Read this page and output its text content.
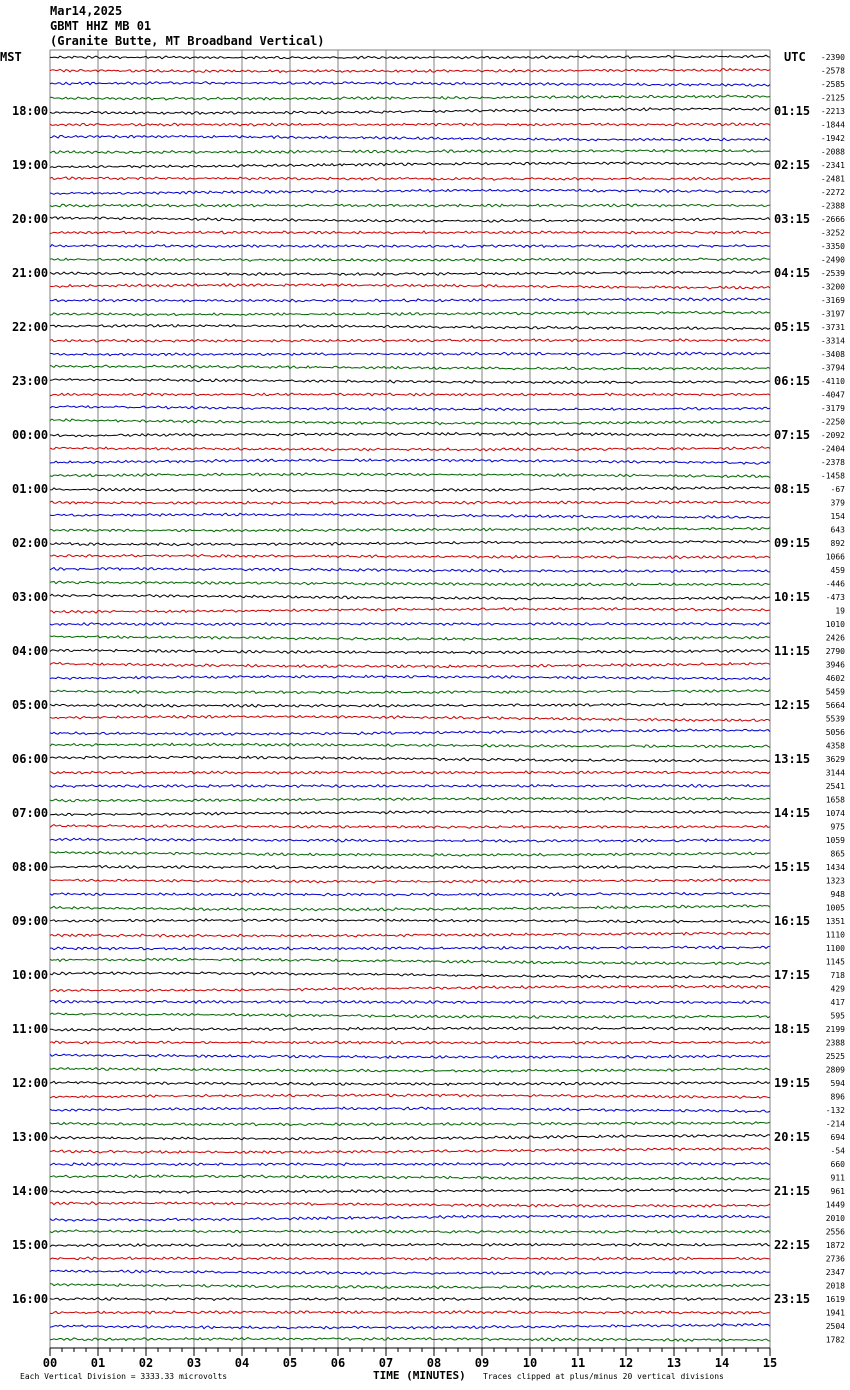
Mar14,2025
GBMT HHZ MB 01
(Granite Butte, MT Broadband Vertical)
MST	UTC
Each Vertical Division = 3333.33 microvolts	TIME (MINUTES) Traces clipped at plus/minus 20 vertical divisions
18:00
19:00
20:00
21:00
22:00
23:00
00:00
01:00
02:00
03:00
04:00
05:00
06:00
07:00
08:00
09:00
10:00
11:00
12:00
13:00
14:00
15:00
16:00
01:15
02:15
03:15
04:15
05:15
06:15
07:15
08:15
09:15
10:15
11:15
12:15
13:15
14:15
15:15
16:15
17:15
18:15
19:15
20:15
21:15
22:15
23:15
-2390
-2578
-2585
-2125
-2213
-1844
-1942
-2088
-2341
-2481
-2272
-2388
-2666
-3252
-3350
-2490
-2539
-3200
-3169
-3197
-3731
-3314
-3408
-3794
-4110
-4047
-3179
-2250
-2092
-2404
-2378
-1458
-67
379
154
643
892
1066
459
-446
-473
19
1010
2426
2790
3946
4602
5459
5664
5539
5056
4358
3629
3144
2541
1658
1074
975
1059
865
1434
1323
948
1005
1351
1110
1100
1145
718
429
417
595
2199
2388
2525
2809
594
896
-132
-214
694
-54
660
911
961
1449
2010
2556
1872
2736
2347
2018
1619
1941
2504
1782
00	01	02	03	04	05	06	07	08	09	10	11	12	13	14	15
